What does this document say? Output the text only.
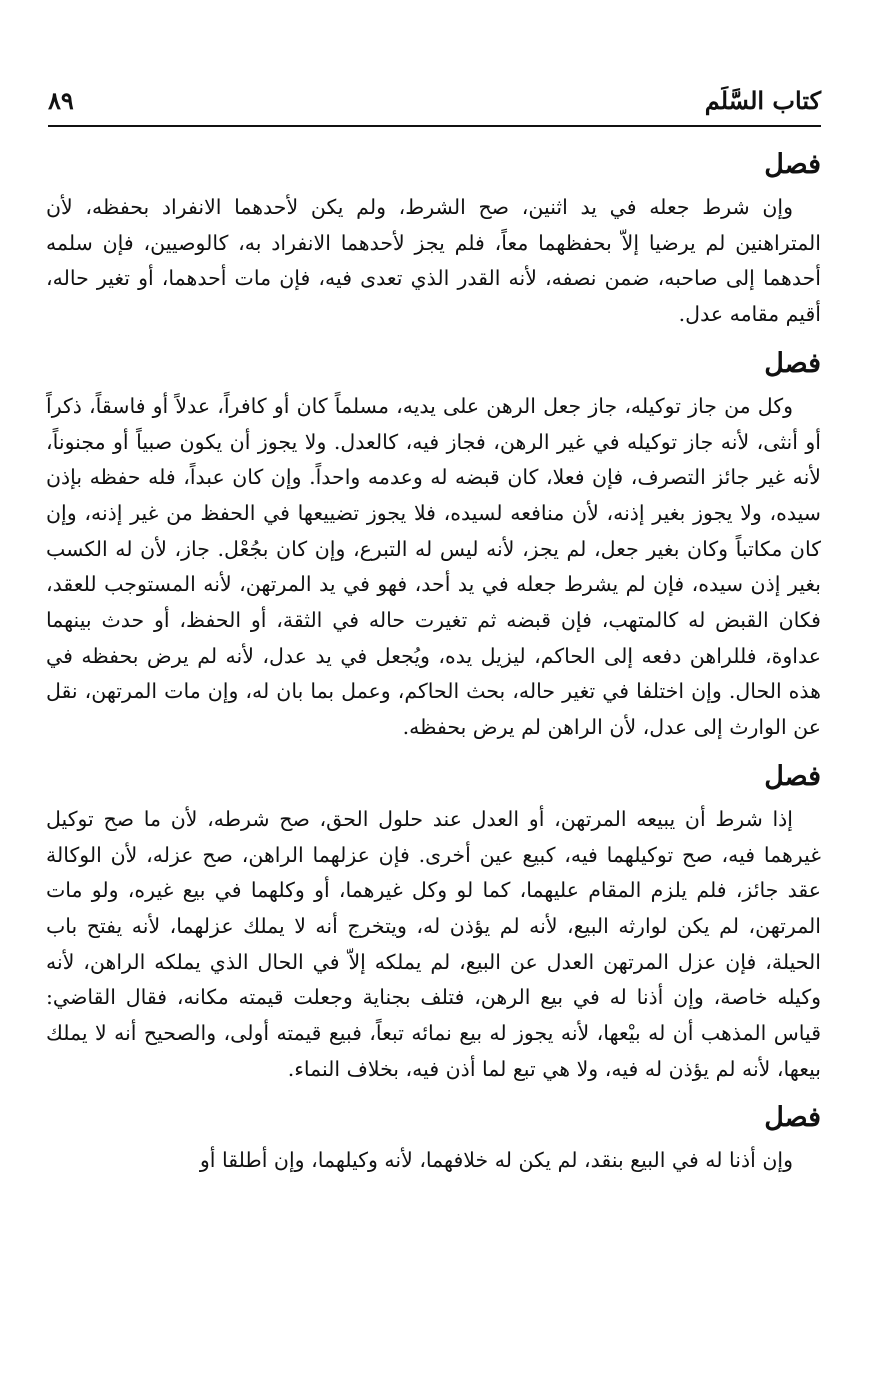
كتاب السَّلَم
٨٩
فصل

وإن شرط جعله في يد اثنين، صح الشرط، ولم يكن لأحدهما الانفراد بحفظه، لأن المتراهنين لم يرضيا إلاّ بحفظهما معاً، فلم يجز لأحدهما الانفراد به، كالوصيين، فإن سلمه أحدهما إلى صاحبه، ضمن نصفه، لأنه القدر الذي تعدى فيه، فإن مات أحدهما، أو تغير حاله، أقيم مقامه عدل.

فصل

وكل من جاز توكيله، جاز جعل الرهن على يديه، مسلماً كان أو كافراً، عدلاً أو فاسقاً، ذكراً أو أنثى، لأنه جاز توكيله في غير الرهن، فجاز فيه، كالعدل. ولا يجوز أن يكون صبياً أو مجنوناً، لأنه غير جائز التصرف، فإن فعلا، كان قبضه له وعدمه واحداً. وإن كان عبداً، فله حفظه بإذن سيده، ولا يجوز بغير إذنه، لأن منافعه لسيده، فلا يجوز تضييعها في الحفظ من غير إذنه، وإن كان مكاتباً وكان بغير جعل، لم يجز، لأنه ليس له التبرع، وإن كان بجُعْل. جاز، لأن له الكسب بغير إذن سيده، فإن لم يشرط جعله في يد أحد، فهو في يد المرتهن، لأنه المستوجب للعقد، فكان القبض له كالمتهب، فإن قبضه ثم تغيرت حاله في الثقة، أو الحفظ، أو حدث بينهما عداوة، فللراهن دفعه إلى الحاكم، ليزيل يده، ويُجعل في يد عدل، لأنه لم يرض بحفظه في هذه الحال. وإن اختلفا في تغير حاله، بحث الحاكم، وعمل بما بان له، وإن مات المرتهن، نقل عن الوارث إلى عدل، لأن الراهن لم يرض بحفظه.

فصل

إذا شرط أن يبيعه المرتهن، أو العدل عند حلول الحق، صح شرطه، لأن ما صح توكيل غيرهما فيه، صح توكيلهما فيه، كبيع عين أخرى. فإن عزلهما الراهن، صح عزله، لأن الوكالة عقد جائز، فلم يلزم المقام عليهما، كما لو وكل غيرهما، أو وكلهما في بيع غيره، ولو مات المرتهن، لم يكن لوارثه البيع، لأنه لم يؤذن له، ويتخرج أنه لا يملك عزلهما، لأنه يفتح باب الحيلة، فإن عزل المرتهن العدل عن البيع، لم يملكه إلاّ في الحال الذي يملكه الراهن، لأنه وكيله خاصة، وإن أذنا له في بيع الرهن، فتلف بجناية وجعلت قيمته مكانه، فقال القاضي: قياس المذهب أن له بيْعها، لأنه يجوز له بيع نمائه تبعاً، فبيع قيمته أولى، والصحيح أنه لا يملك بيعها، لأنه لم يؤذن له فيه، ولا هي تبع لما أذن فيه، بخلاف النماء.

فصل

وإن أذنا له في البيع بنقد، لم يكن له خلافهما، لأنه وكيلهما، وإن أطلقا أو
